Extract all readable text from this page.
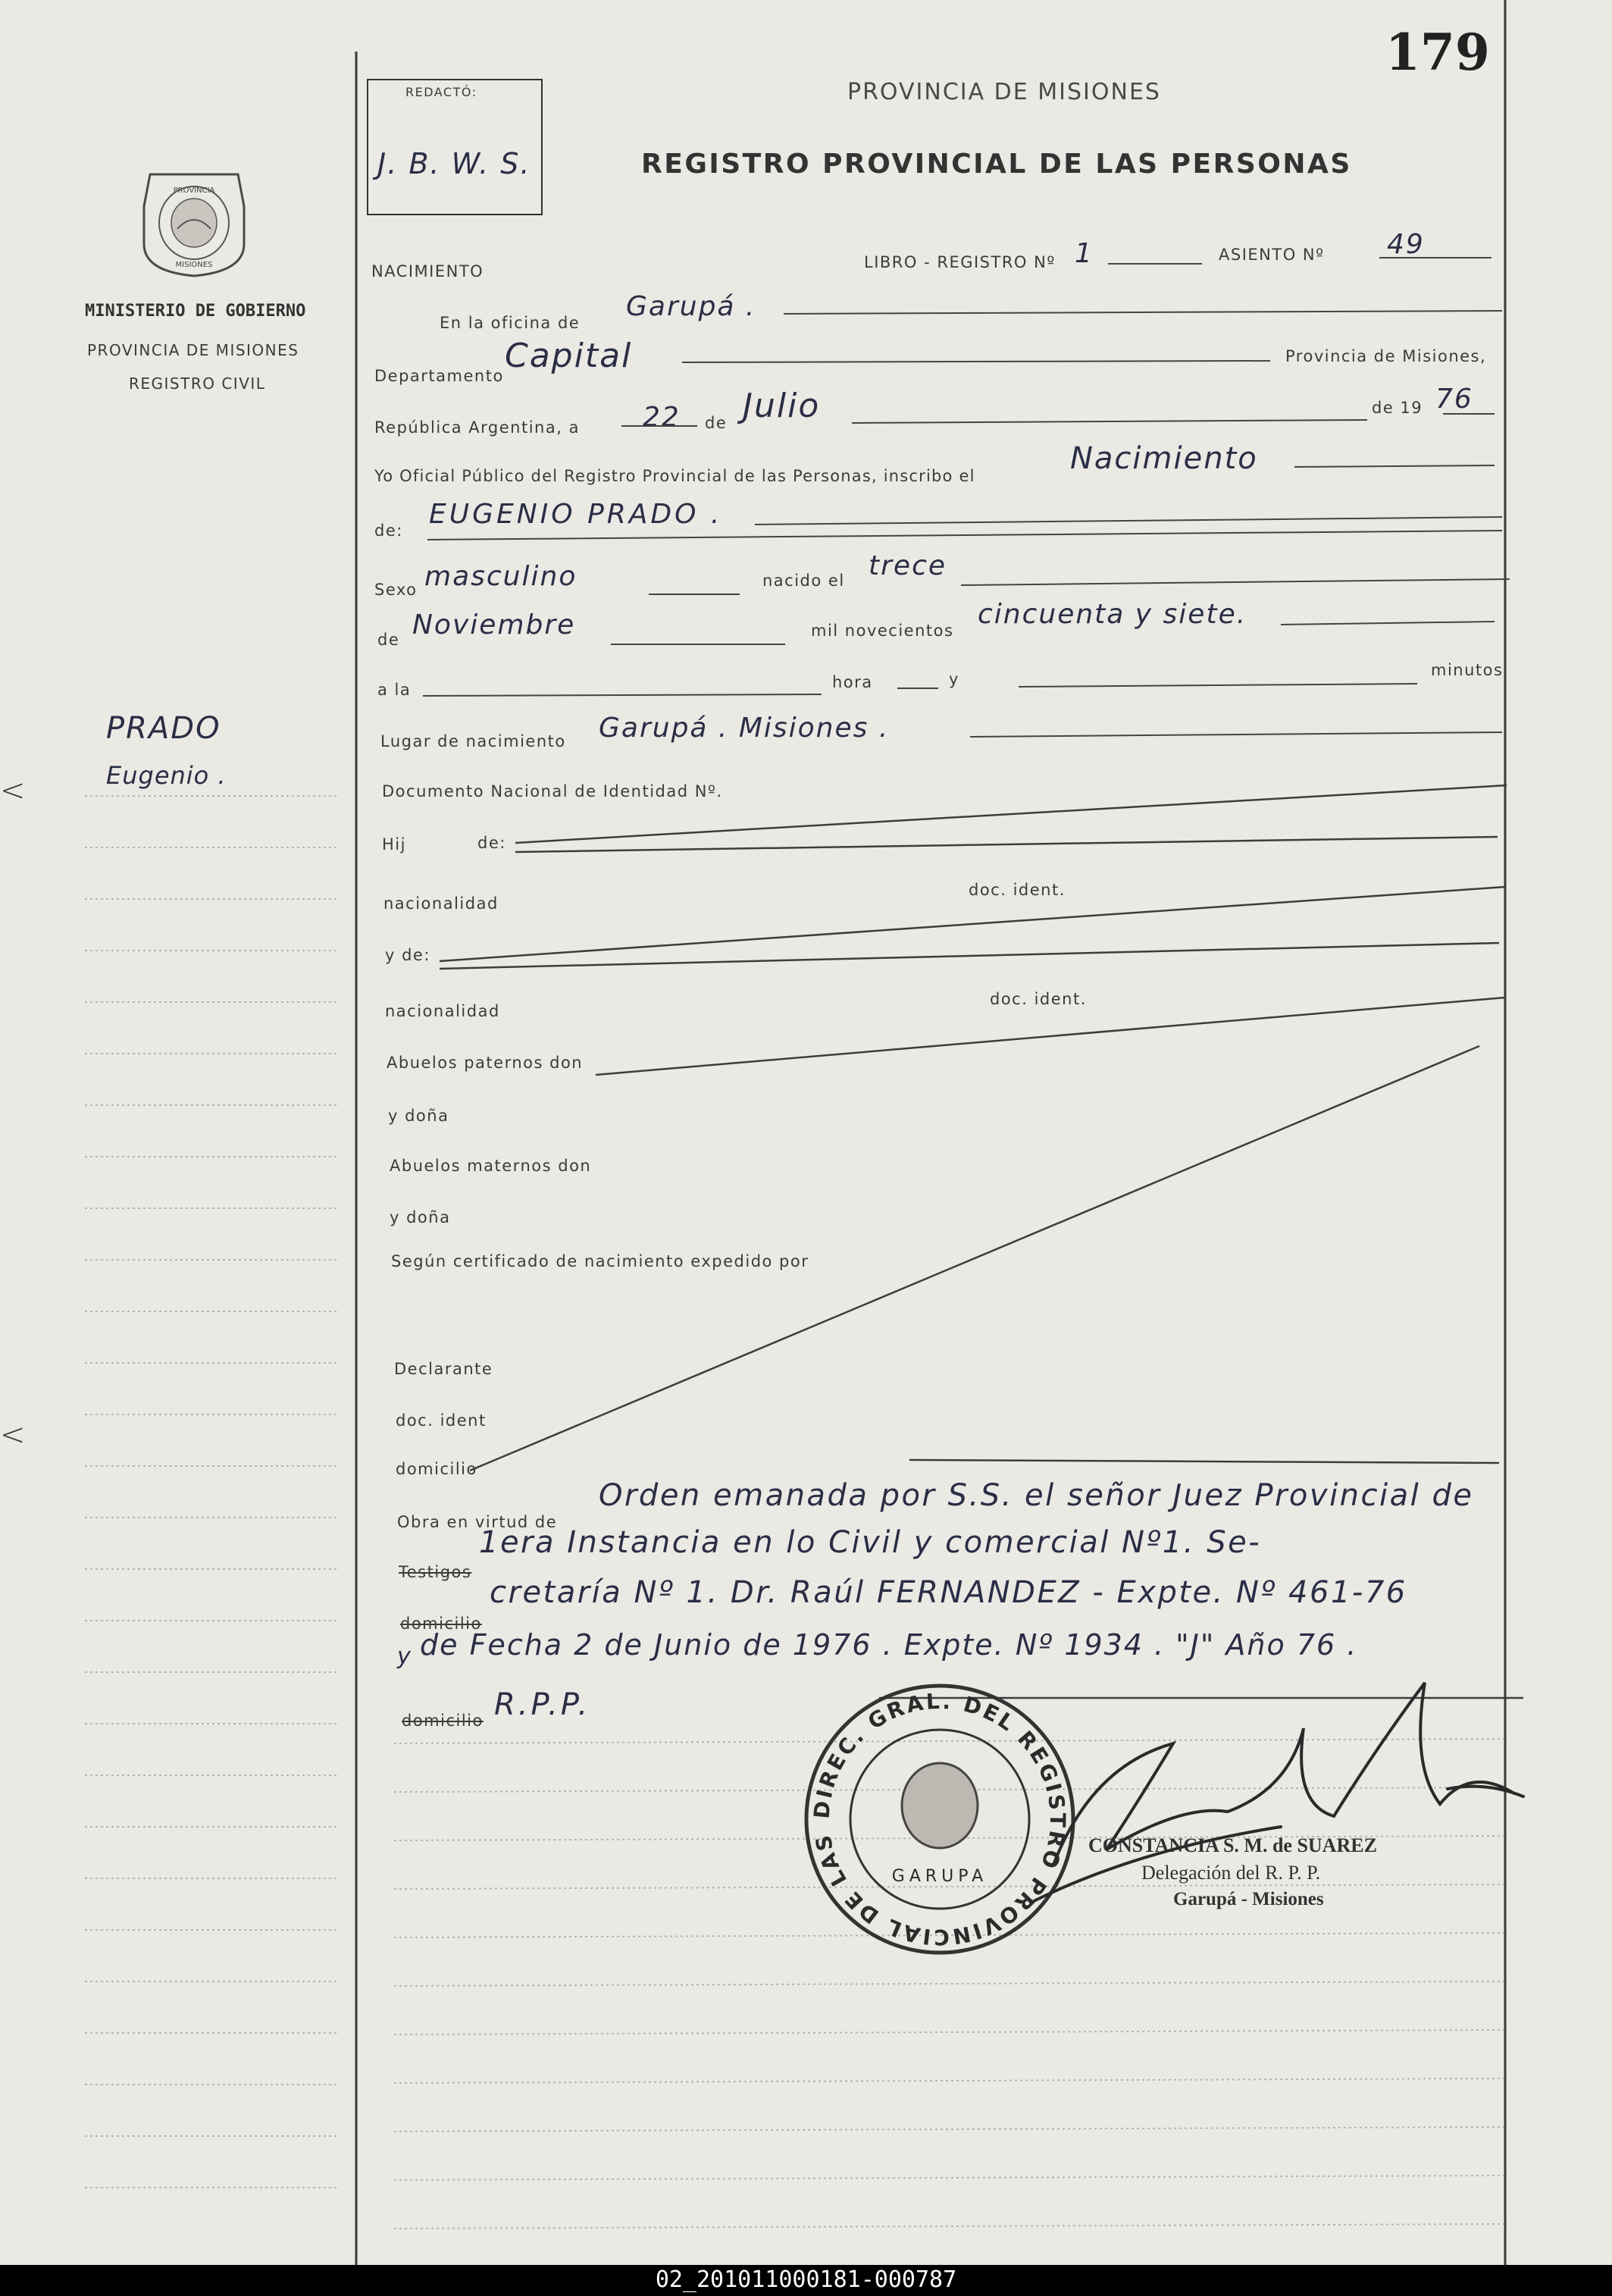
179
REDACTÓ:
J. B. W. S.
PROVINCIA DE MISIONES
REGISTRO PROVINCIAL DE LAS PERSONAS
MINISTERIO DE GOBIERNO
PROVINCIA DE MISIONES
REGISTRO CIVIL
PRADO
Eugenio .
NACIMIENTO	LIBRO - REGISTRO Nº 1	ASIENTO Nº 49
En la oficina de
Garupá .
Departamento
Capital	Provincia de Misiones,
República Argentina, a 22 de Julio	de 19 76
Yo Oficial Público del Registro Provincial de las Personas, inscribo el	Nacimiento
de:
EUGENIO PRADO .
Sexo masculino	nacido el trece
de Noviembre	mil novecientos
cincuenta y siete.
a la	hora	y	minutos
Lugar de nacimiento Garupá . Misiones .
Documento Nacional de Identidad Nº.
Hij	de:
nacionalidad
doc. ident.
y de:
nacionalidad
doc. ident.
Abuelos paternos don
y doña
Abuelos maternos don
y doña
Según certificado de nacimiento expedido por
Declarante
doc. ident
domicilio
Obra en virtud de
Orden emanada por S.S. el señor Juez Provincial de
Testigos
1era Instancia en lo Civil y comercial Nº1. Se-
domicilio
cretaría Nº 1. Dr. Raúl FERNANDEZ - Expte. Nº 461-76
y de Fecha 2 de Junio de 1976 . Expte. Nº 1934 . "J" Año 76 .
domicilio R.P.P.
CONSTANCIA S. M. de SUAREZ
Delegación del R. P. P.
Garupá - Misiones
PROVINCIA
MISIONES
DIREC. GRAL. DEL REGISTRO PROVINCIAL DE LAS
GARUPA
<
<
02_201011000181-000787
